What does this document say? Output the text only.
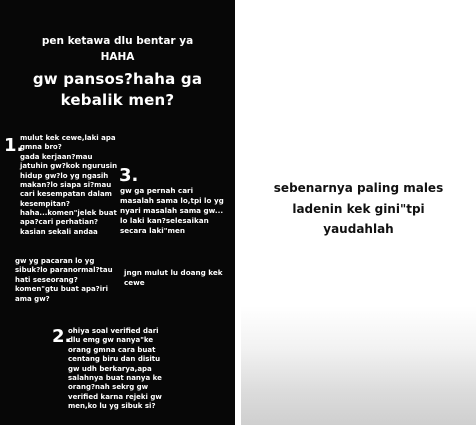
pen ketawa dlu bentar ya
HAHA
gw pansos?haha ga
kebalik men?
1.
mulut kek cewe,laki apa
gmna bro?
gada kerjaan?mau
jatuhin gw?kok ngurusin
hidup gw?lo yg ngasih
makan?lo siapa si?mau
cari kesempatan dalam
kesempitan?
haha...komen"jelek buat
apa?cari perhatian?
kasian sekali andaa
3.
gw ga pernah cari
masalah sama lo,tpi lo yg
nyari masalah sama gw...
lo laki kan?selesaikan
secara laki"men
gw yg pacaran lo yg
sibuk?lo paranormal?tau
hati seseorang?
komen"gtu buat apa?iri
ama gw?
jngn mulut lu doang kek
cewe
2.
ohiya soal verified dari
dlu emg gw nanya"ke
orang gmna cara buat
centang biru dan disitu
gw udh berkarya,apa
salahnya buat nanya ke
orang?nah sekrg gw
verified karna rejeki gw
men,ko lu yg sibuk si?
sebenarnya paling males
ladenin kek gini"tpi
yaudahlah
